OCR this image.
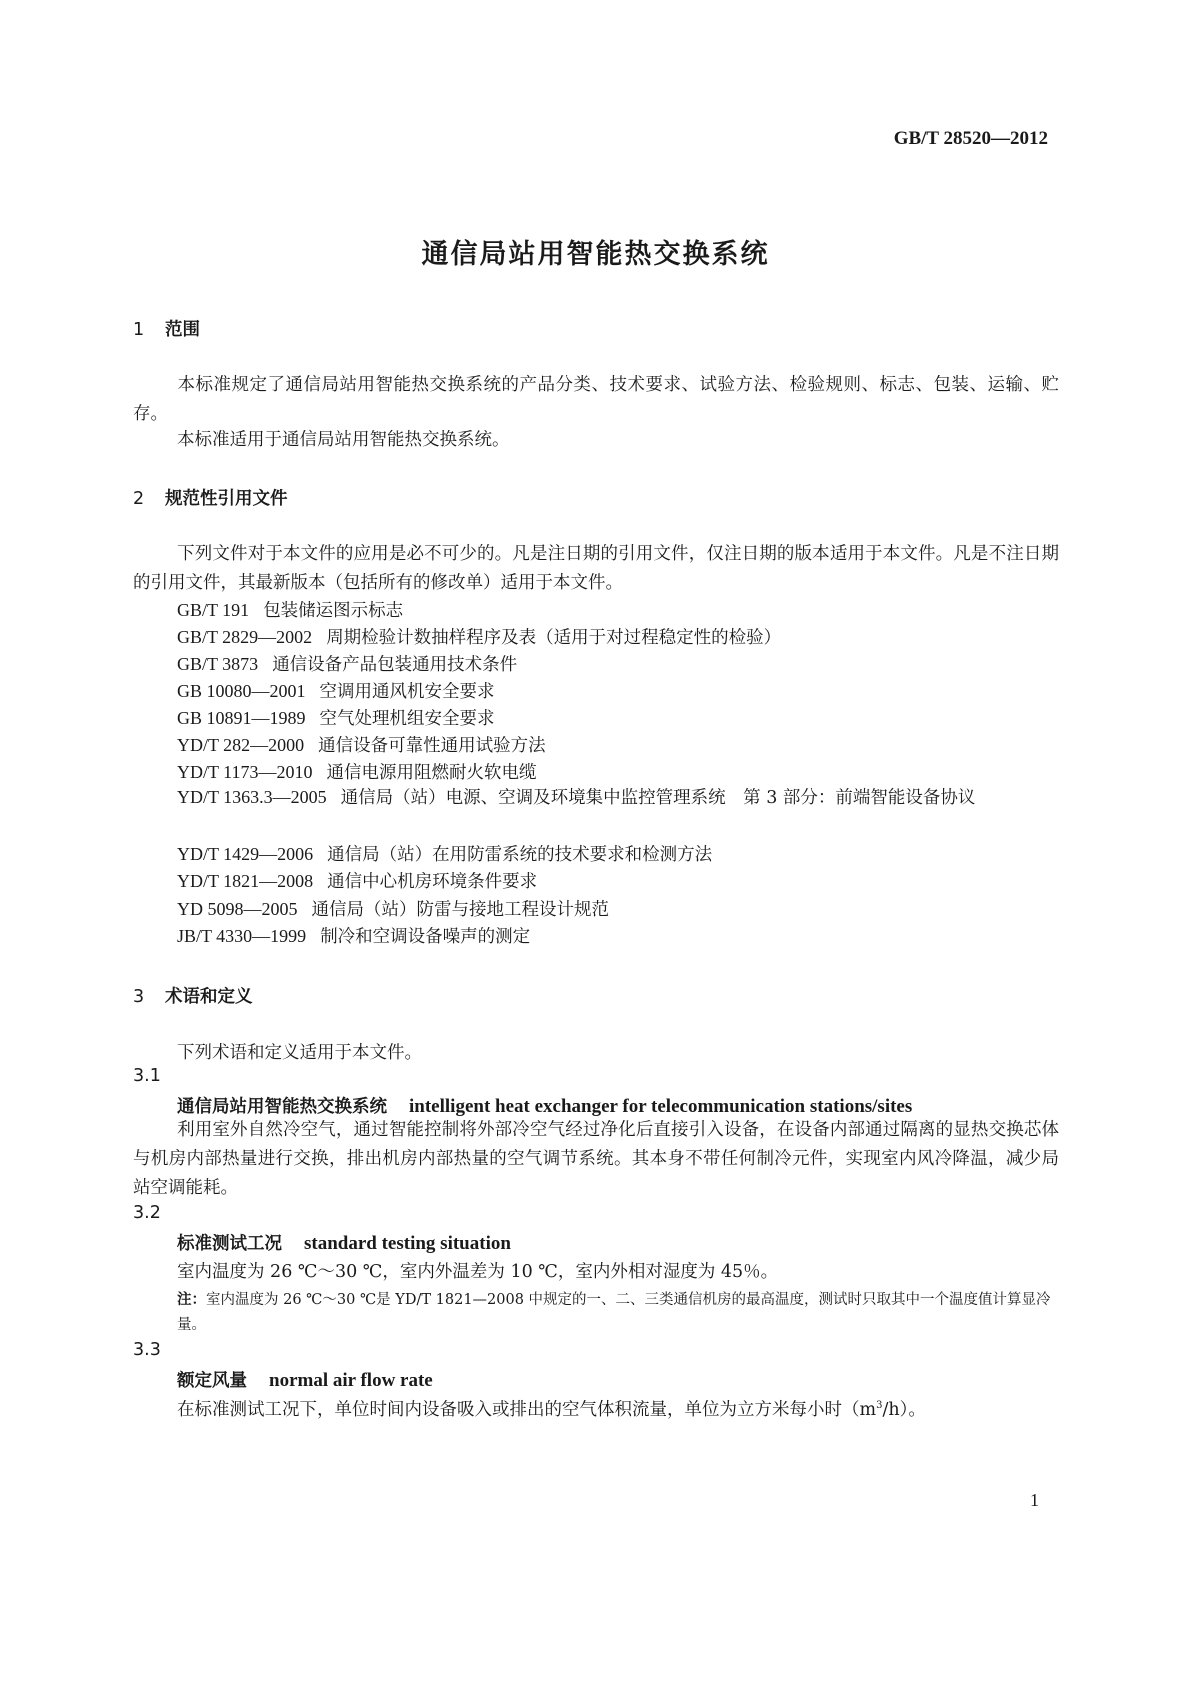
GB/T 28520—2012
通信局站用智能热交换系统
1 范围
本标准规定了通信局站用智能热交换系统的产品分类、技术要求、试验方法、检验规则、标志、包装、运输、贮存。
本标准适用于通信局站用智能热交换系统。
2 规范性引用文件
下列文件对于本文件的应用是必不可少的。凡是注日期的引用文件，仅注日期的版本适用于本文件。凡是不注日期的引用文件，其最新版本（包括所有的修改单）适用于本文件。
GB/T 191 包装储运图示标志
GB/T 2829—2002 周期检验计数抽样程序及表（适用于对过程稳定性的检验）
GB/T 3873 通信设备产品包装通用技术条件
GB 10080—2001 空调用通风机安全要求
GB 10891—1989 空气处理机组安全要求
YD/T 282—2000 通信设备可靠性通用试验方法
YD/T 1173—2010 通信电源用阻燃耐火软电缆
YD/T 1363.3—2005 通信局（站）电源、空调及环境集中监控管理系统　第 3 部分：前端智能设备协议
YD/T 1429—2006 通信局（站）在用防雷系统的技术要求和检测方法
YD/T 1821—2008 通信中心机房环境条件要求
YD 5098—2005 通信局（站）防雷与接地工程设计规范
JB/T 4330—1999 制冷和空调设备噪声的测定
3 术语和定义
下列术语和定义适用于本文件。
3.1
通信局站用智能热交换系统 intelligent heat exchanger for telecommunication stations/sites
利用室外自然冷空气，通过智能控制将外部冷空气经过净化后直接引入设备，在设备内部通过隔离的显热交换芯体与机房内部热量进行交换，排出机房内部热量的空气调节系统。其本身不带任何制冷元件，实现室内风冷降温，减少局站空调能耗。
3.2
标准测试工况 standard testing situation
室内温度为 26 ℃～30 ℃，室内外温差为 10 ℃，室内外相对湿度为 45％。
注：室内温度为 26 ℃～30 ℃是 YD/T 1821—2008 中规定的一、二、三类通信机房的最高温度，测试时只取其中一个温度值计算显冷量。
3.3
额定风量 normal air flow rate
在标准测试工况下，单位时间内设备吸入或排出的空气体积流量，单位为立方米每小时$(m^3/h)$。
1
